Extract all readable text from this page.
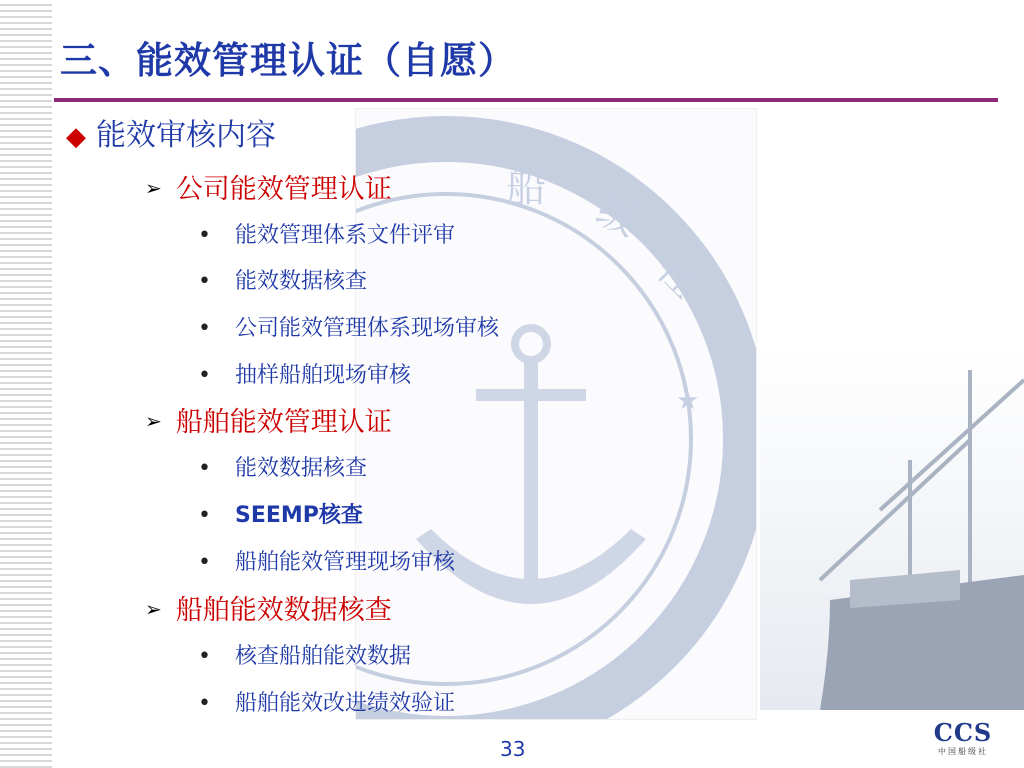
三、能效管理认证（自愿）
船 级
社
★
◆ 能效审核内容
➢ 公司能效管理认证
• 能效管理体系文件评审
• 能效数据核查
• 公司能效管理体系现场审核
• 抽样船舶现场审核
➢ 船舶能效管理认证
• 能效数据核查
• SEEMP核查
• 船舶能效管理现场审核
➢ 船舶能效数据核查
• 核查船舶能效数据
• 船舶能效改进绩效验证
33
CCS
中国船级社
